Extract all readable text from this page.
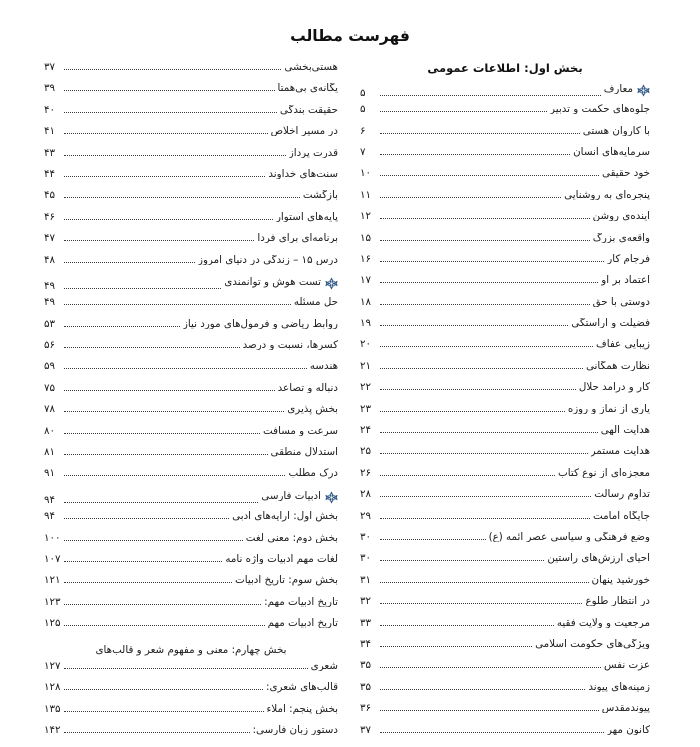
فهرست مطالب
بخش اول: اطلاعات عمومی
معارف
۵
جلوه‌های حکمت و تدبیر
۵
با کاروان هستی
۶
سرمایه‌های انسان
۷
خود حقیقی
۱۰
پنجره‌ای به روشنایی
۱۱
آینده‌ی روشن
۱۲
واقعه‌ی بزرگ
۱۵
فرجام کار
۱۶
اعتماد بر او
۱۷
دوستی با حق
۱۸
فضیلت و آراستگی
۱۹
زیبایی عفاف
۲۰
نظارت همگانی
۲۱
کار و درآمد حلال
۲۲
یاری از نماز و روزه
۲۳
هدایت الهی
۲۴
هدایت مستمر
۲۵
معجزه‌ای از نوع کتاب
۲۶
تداوم رسالت
۲۸
جایگاه امامت
۲۹
وضع فرهنگی و سیاسی عصر ائمه (ع)
۳۰
احیای ارزش‌های راستین
۳۰
خورشید پنهان
۳۱
در انتظار طلوع
۳۲
مرجعیت و ولایت فقیه
۳۳
ویژگی‌های حکومت اسلامی
۳۴
عزت نفس
۳۵
زمینه‌های پیوند
۳۵
پیوندمقدس
۳۶
کانون مهر
۳۷
هستی‌بخشی
۳۷
یگانه‌ی بی‌همتا
۳۹
حقیقت بندگی
۴۰
در مسیر اخلاص
۴۱
قدرت پرداز
۴۳
سنت‌های خداوند
۴۴
بازگشت
۴۵
پایه‌های استوار
۴۶
برنامه‌ای برای فردا
۴۷
درس ۱۵ – زندگی در دنیای امروز
۴۸
تست هوش و توانمندی
۴۹
حل مسئله
۴۹
روابط ریاضی و فرمول‌های مورد نیاز
۵۳
کسرها، نسبت و درصد
۵۶
هندسه
۵۹
دنباله و تصاعد
۷۵
بخش پذیری
۷۸
سرعت و مسافت
۸۰
استدلال منطقی
۸۱
درک مطلب
۹۱
ادبیات فارسی
۹۴
بخش اول: آرایه‌های ادبی
۹۴
بخش دوم: معنی لغت
۱۰۰
لغات مهم ادبیات واژه نامه
۱۰۷
بخش سوم: تاریخ ادبیات
۱۲۱
تاریخ ادبیات مهم:
۱۲۳
تاریخ ادبیات مهم
۱۲۵
بخش چهارم: معنی و مفهوم شعر و قالب‌های
شعری
۱۲۷
قالب‌های شعری:
۱۲۸
بخش پنجم: املاء
۱۳۵
دستور زبان فارسی:
۱۴۲
